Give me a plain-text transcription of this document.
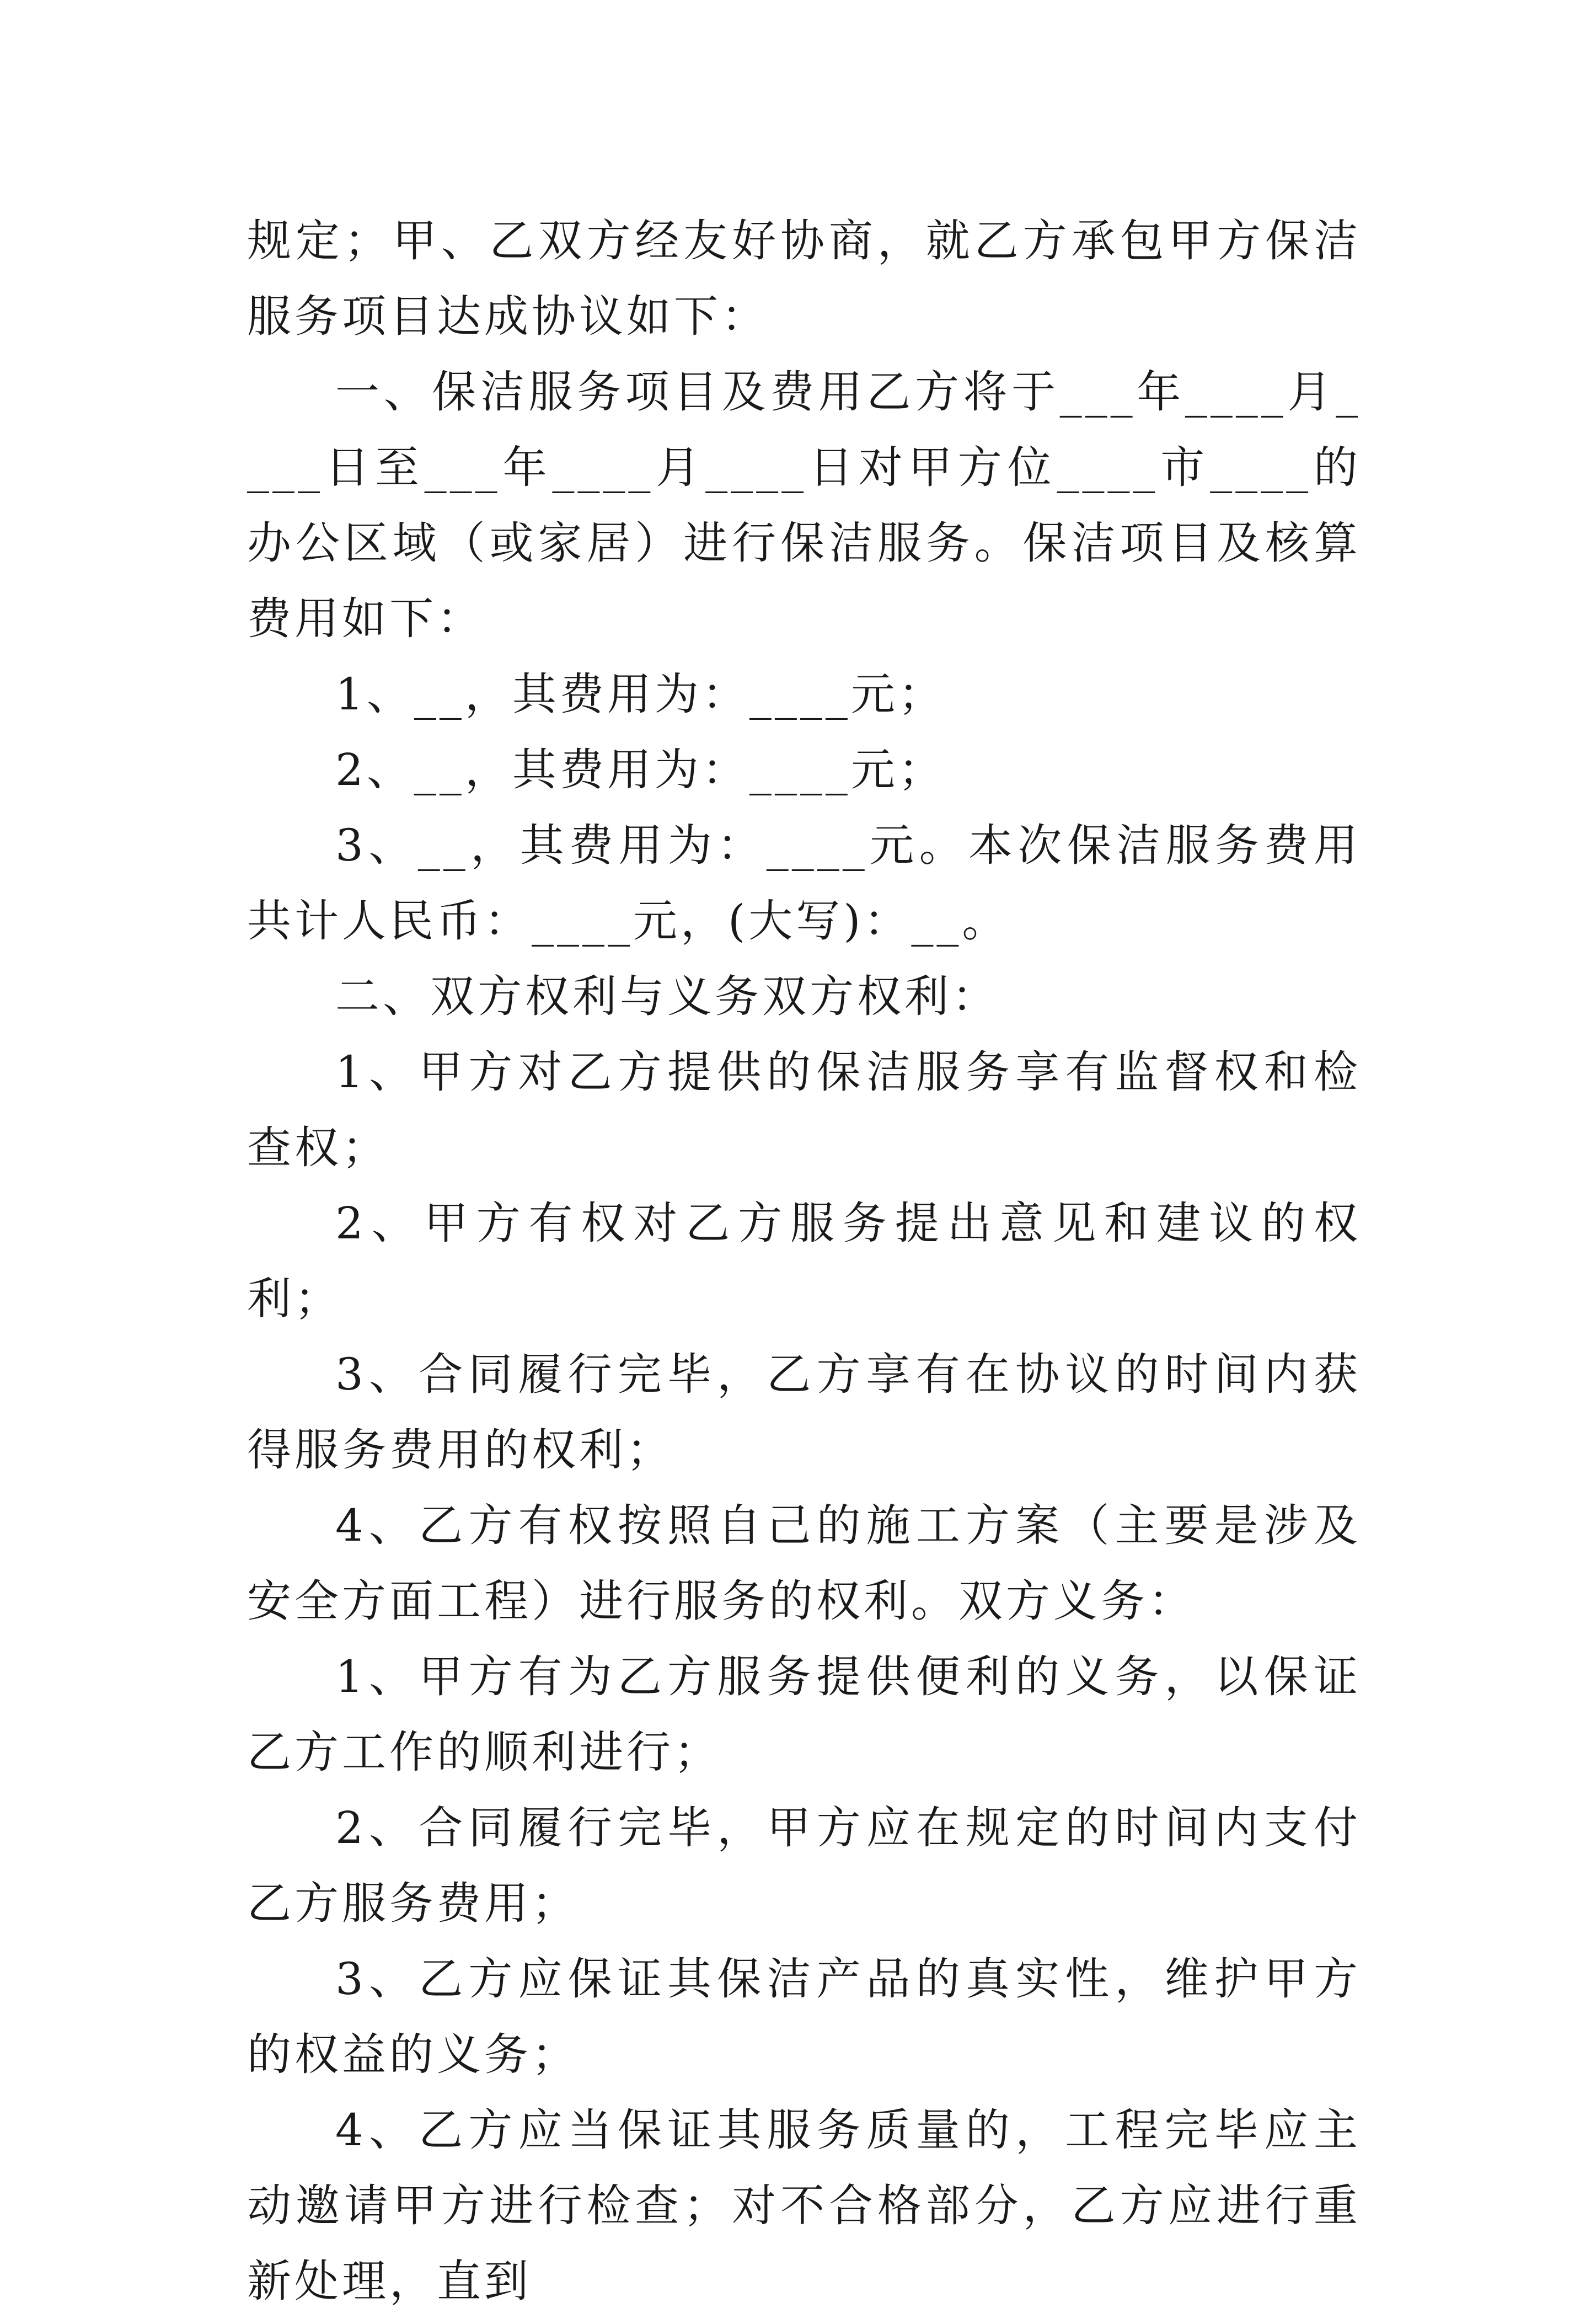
规定；甲、乙双方经友好协商，就乙方承包甲方保洁服务项目达成协议如下：

一、保洁服务项目及费用乙方将于___年____月____日至___年____月____日对甲方位____市____的办公区域（或家居）进行保洁服务。保洁项目及核算费用如下：

1、__，其费用为：____元；

2、__，其费用为：____元；

3、__，其费用为：____元。本次保洁服务费用共计人民币：____元，(大写)：__。

二、双方权利与义务双方权利：

1、甲方对乙方提供的保洁服务享有监督权和检查权；

2、甲方有权对乙方服务提出意见和建议的权利；

3、合同履行完毕，乙方享有在协议的时间内获得服务费用的权利；

4、乙方有权按照自己的施工方案（主要是涉及安全方面工程）进行服务的权利。双方义务：

1、甲方有为乙方服务提供便利的义务，以保证乙方工作的顺利进行；

2、合同履行完毕，甲方应在规定的时间内支付乙方服务费用；

3、乙方应保证其保洁产品的真实性，维护甲方的权益的义务；

4、乙方应当保证其服务质量的，工程完毕应主动邀请甲方进行检查；对不合格部分，乙方应进行重新处理，直到
